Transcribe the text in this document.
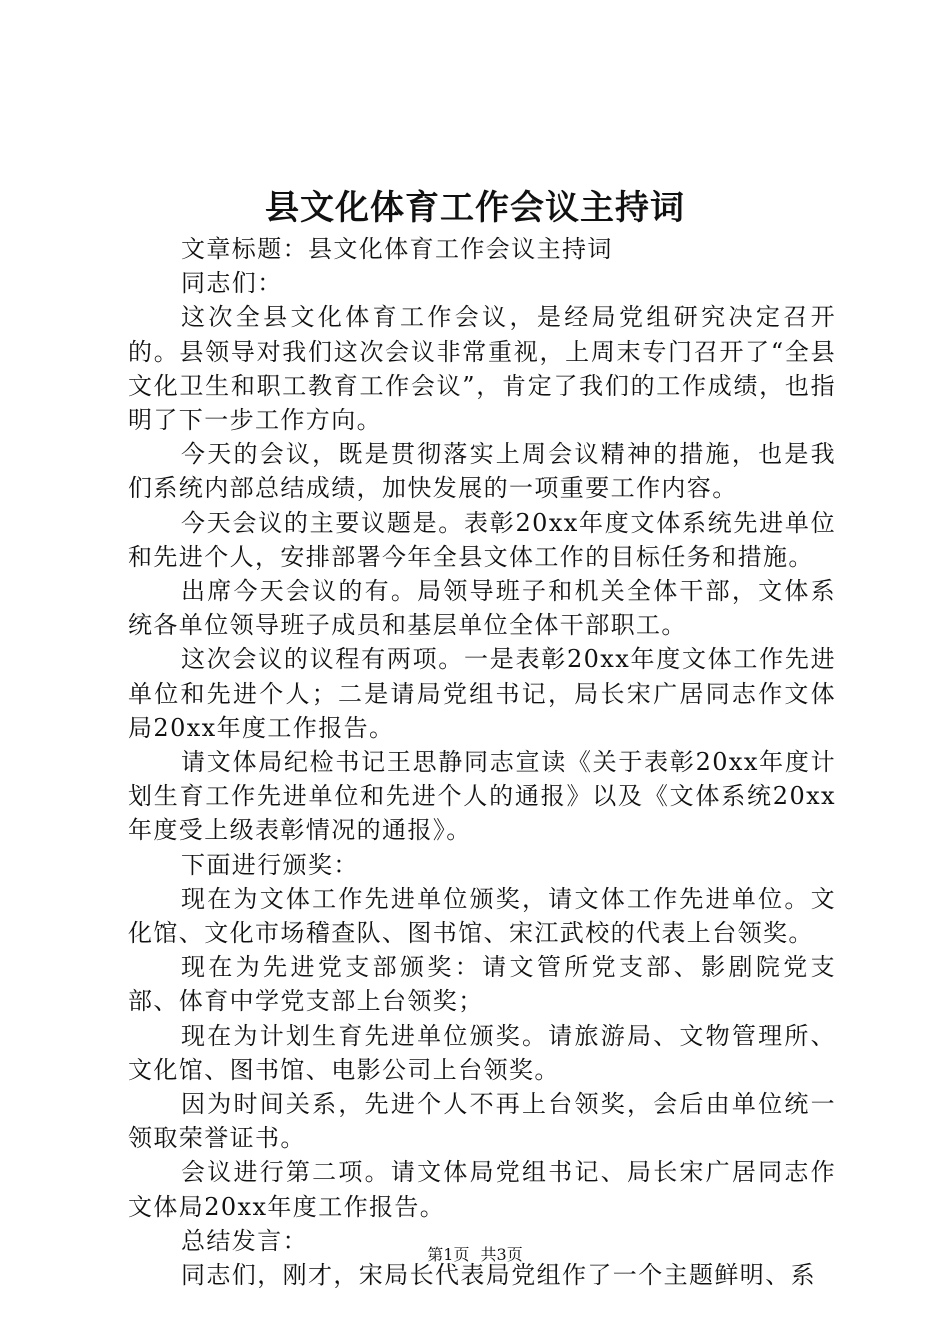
县文化体育工作会议主持词

文章标题：县文化体育工作会议主持词

同志们：

这次全县文化体育工作会议，是经局党组研究决定召开的。县领导对我们这次会议非常重视，上周末专门召开了“全县文化卫生和职工教育工作会议”，肯定了我们的工作成绩，也指明了下一步工作方向。

今天的会议，既是贯彻落实上周会议精神的措施，也是我们系统内部总结成绩，加快发展的一项重要工作内容。

今天会议的主要议题是。表彰20xx年度文体系统先进单位和先进个人，安排部署今年全县文体工作的目标任务和措施。

出席今天会议的有。局领导班子和机关全体干部，文体系统各单位领导班子成员和基层单位全体干部职工。

这次会议的议程有两项。一是表彰20xx年度文体工作先进单位和先进个人；二是请局党组书记，局长宋广居同志作文体局20xx年度工作报告。

请文体局纪检书记王思静同志宣读《关于表彰20xx年度计划生育工作先进单位和先进个人的通报》以及《文体系统20xx年度受上级表彰情况的通报》。

下面进行颁奖：

现在为文体工作先进单位颁奖，请文体工作先进单位。文化馆、文化市场稽查队、图书馆、宋江武校的代表上台领奖。

现在为先进党支部颁奖：请文管所党支部、影剧院党支部、体育中学党支部上台领奖；

现在为计划生育先进单位颁奖。请旅游局、文物管理所、文化馆、图书馆、电影公司上台领奖。

因为时间关系，先进个人不再上台领奖，会后由单位统一领取荣誉证书。

会议进行第二项。请文体局党组书记、局长宋广居同志作文体局20xx年度工作报告。

总结发言：

同志们，刚才，宋局长代表局党组作了一个主题鲜明、系

第1页 共3页
